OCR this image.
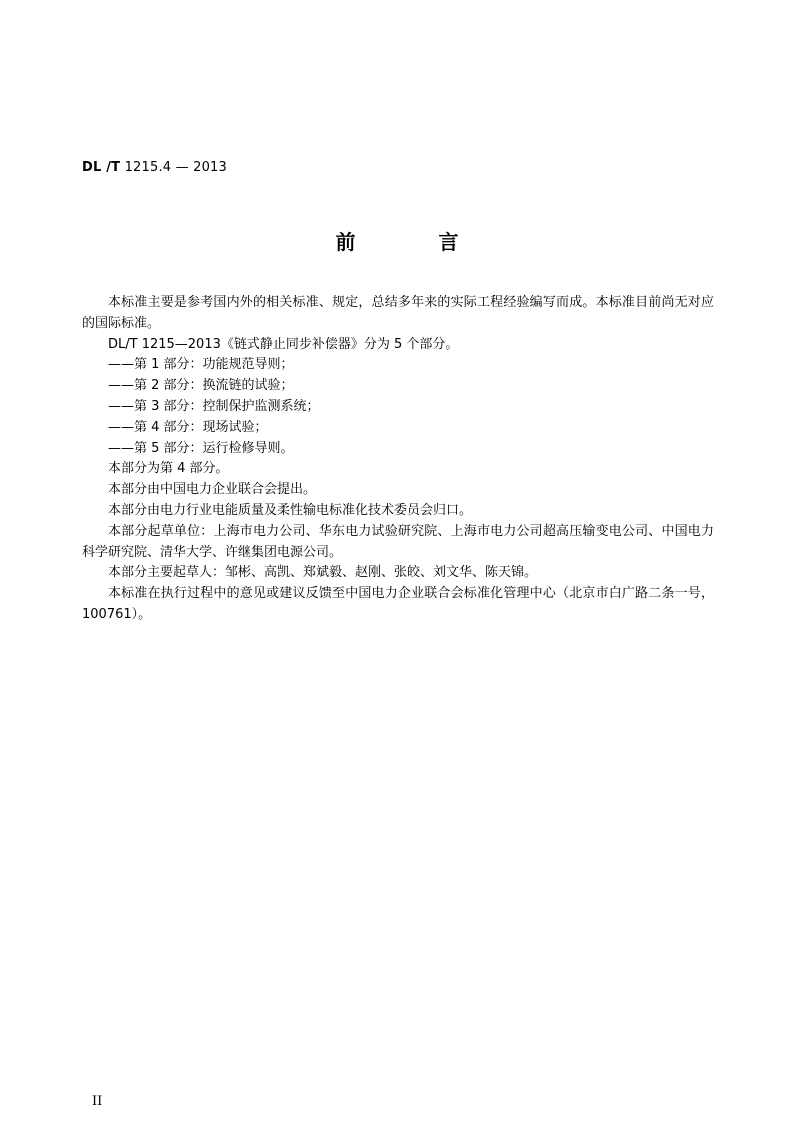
DL /T 1215.4 — 2013
前 言

本标准主要是参考国内外的相关标准、规定，总结多年来的实际工程经验编写而成。本标准目前尚无对应的国际标准。

DL/T 1215—2013《链式静止同步补偿器》分为 5 个部分。

——第 1 部分：功能规范导则；

——第 2 部分：换流链的试验；

——第 3 部分：控制保护监测系统；

——第 4 部分：现场试验；

——第 5 部分：运行检修导则。

本部分为第 4 部分。

本部分由中国电力企业联合会提出。

本部分由电力行业电能质量及柔性输电标准化技术委员会归口。

本部分起草单位：上海市电力公司、华东电力试验研究院、上海市电力公司超高压输变电公司、中国电力科学研究院、清华大学、许继集团电源公司。

本部分主要起草人：邹彬、高凯、郑斌毅、赵刚、张皎、刘文华、陈天锦。

本标准在执行过程中的意见或建议反馈至中国电力企业联合会标准化管理中心（北京市白广路二条一号，100761）。

II
